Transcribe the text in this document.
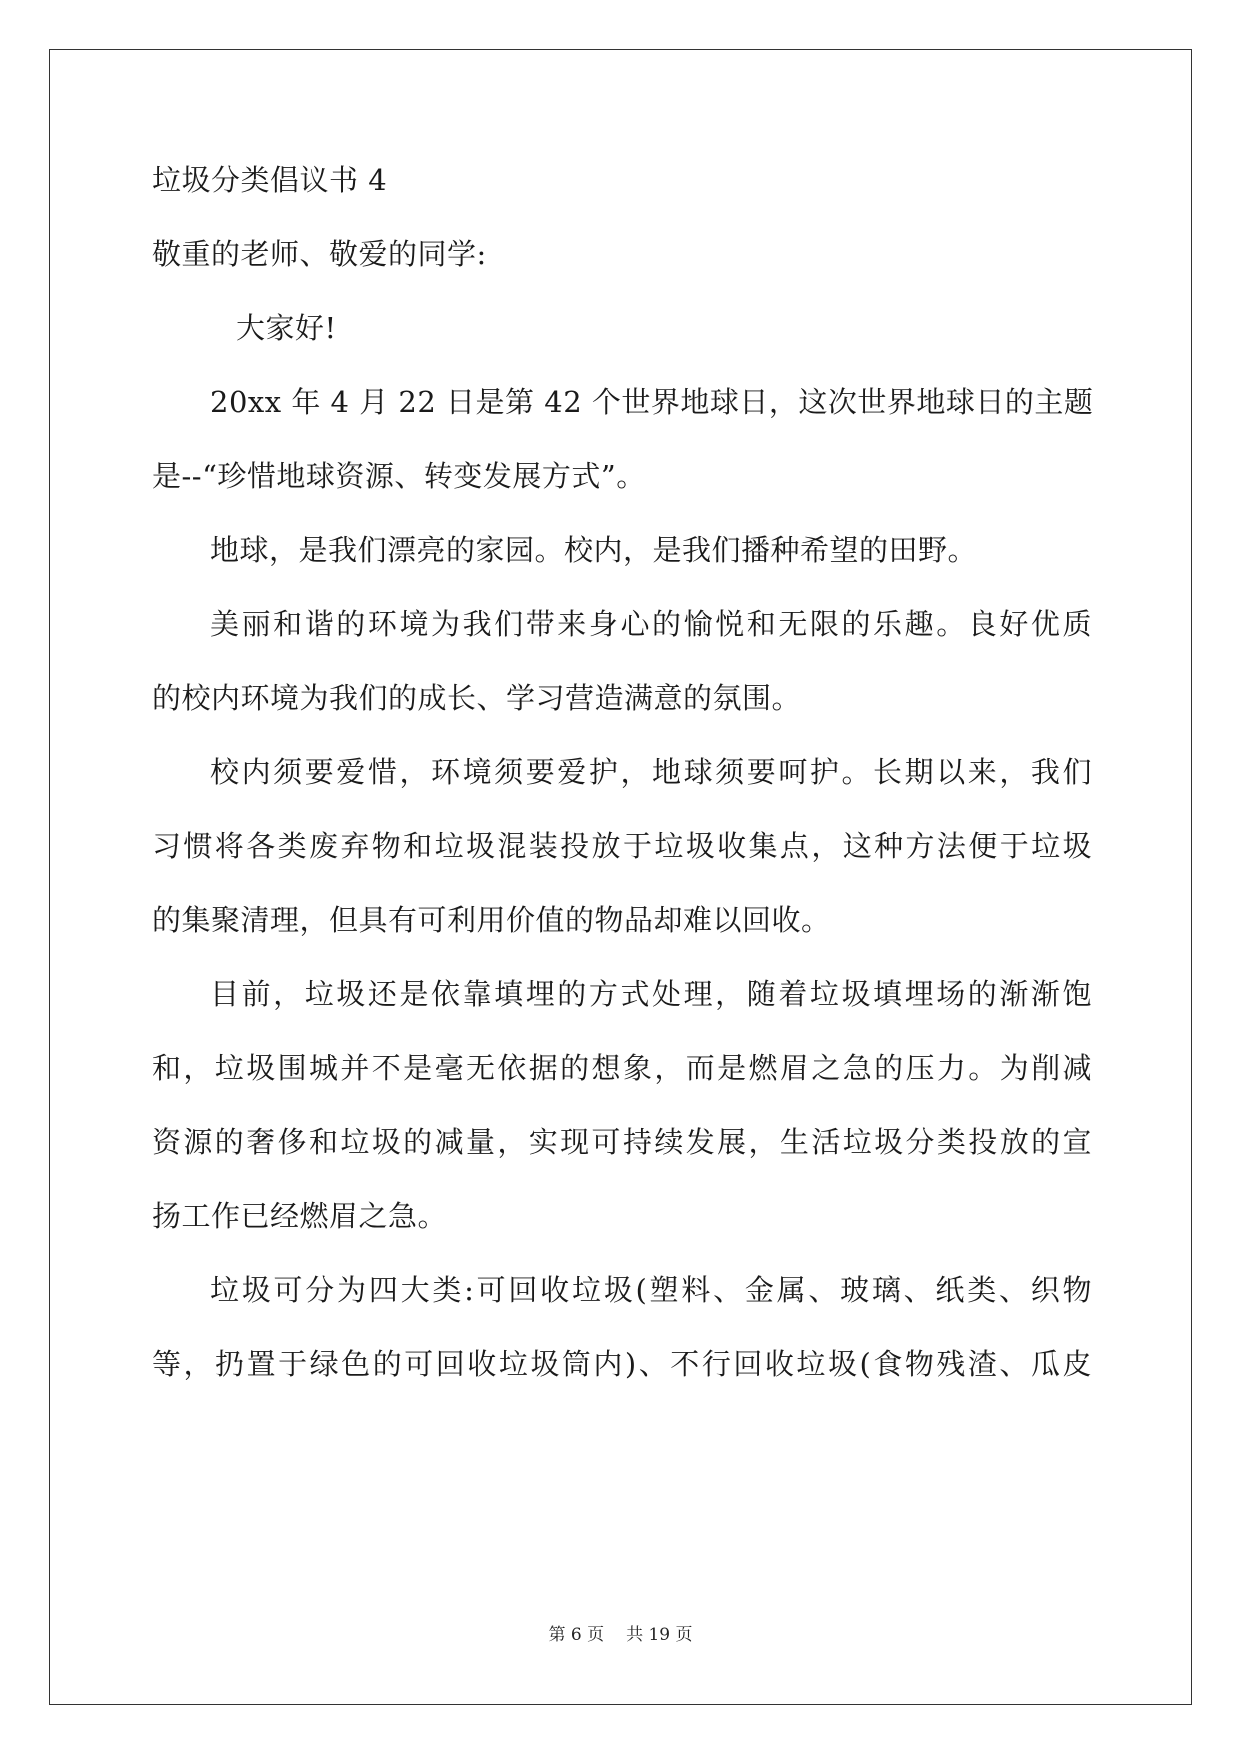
垃圾分类倡议书 4
敬重的老师、敬爱的同学:
大家好!
20xx 年 4 月 22 日是第 42 个世界地球日，这次世界地球日的主题
是--“珍惜地球资源、转变发展方式”。
地球，是我们漂亮的家园。校内，是我们播种希望的田野。
美丽和谐的环境为我们带来身心的愉悦和无限的乐趣。良好优质
的校内环境为我们的成长、学习营造满意的氛围。
校内须要爱惜，环境须要爱护，地球须要呵护。长期以来，我们
习惯将各类废弃物和垃圾混装投放于垃圾收集点，这种方法便于垃圾
的集聚清理，但具有可利用价值的物品却难以回收。
目前，垃圾还是依靠填埋的方式处理，随着垃圾填埋场的渐渐饱
和，垃圾围城并不是毫无依据的想象，而是燃眉之急的压力。为削减
资源的奢侈和垃圾的减量，实现可持续发展，生活垃圾分类投放的宣
扬工作已经燃眉之急。
垃圾可分为四大类:可回收垃圾(塑料、金属、玻璃、纸类、织物
等，扔置于绿色的可回收垃圾筒内)、不行回收垃圾(食物残渣、瓜皮
第 6 页 共 19 页
